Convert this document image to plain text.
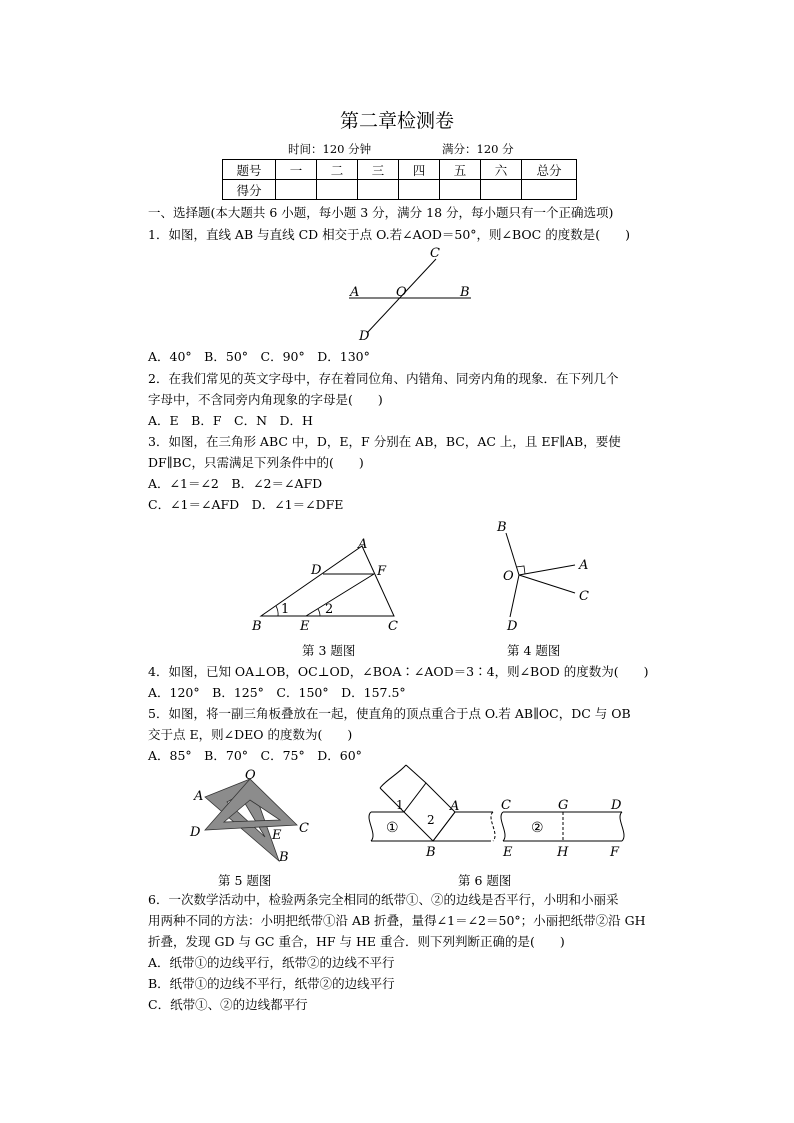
第二章检测卷
时间：120 分钟	满分：120 分
题号	一	二	三	四	五	六	总分
得分							
一、选择题(本大题共 6 小题，每小题 3 分，满分 18 分，每小题只有一个正确选项)
1．如图，直线 AB 与直线 CD 相交于点 O.若∠AOD＝50°，则∠BOC 的度数是(　　)
A	O	B
C
D
A．40°　B．50°　C．90°　D．130°
2．在我们常见的英文字母中，存在着同位角、内错角、同旁内角的现象．在下列几个
字母中，不含同旁内角现象的字母是(　　)
A．E　B．F　C．N　D．H
3．如图，在三角形 ABC 中，D，E，F 分别在 AB，BC，AC 上，且 EF∥AB，要使
DF∥BC，只需满足下列条件中的(　　)
A．∠1＝∠2　B．∠2＝∠AFD
C．∠1＝∠AFD　D．∠1＝∠DFE
A
D	F
B	E	C
1	2
第 3 题图
B
A
C
O
D
第 4 题图
4．如图，已知 OA⊥OB，OC⊥OD，∠BOA∶∠AOD＝3∶4，则∠BOD 的度数为(　　)
A．120°　B．125°　C．150°　D．157.5°
5．如图，将一副三角板叠放在一起，使直角的顶点重合于点 O.若 AB∥OC，DC 与 OB
交于点 E，则∠DEO 的度数为(　　)
A．85°　B．70°　C．75°　D．60°
O
A
D	E C
B
第 5 题图
1
2
A
B
①	②
C	G	D
E	H	F
第 6 题图
6．一次数学活动中，检验两条完全相同的纸带①、②的边线是否平行，小明和小丽采
用两种不同的方法：小明把纸带①沿 AB 折叠，量得∠1＝∠2＝50°；小丽把纸带②沿 GH
折叠，发现 GD 与 GC 重合，HF 与 HE 重合．则下列判断正确的是(　　)
A．纸带①的边线平行，纸带②的边线不平行
B．纸带①的边线不平行，纸带②的边线平行
C．纸带①、②的边线都平行
